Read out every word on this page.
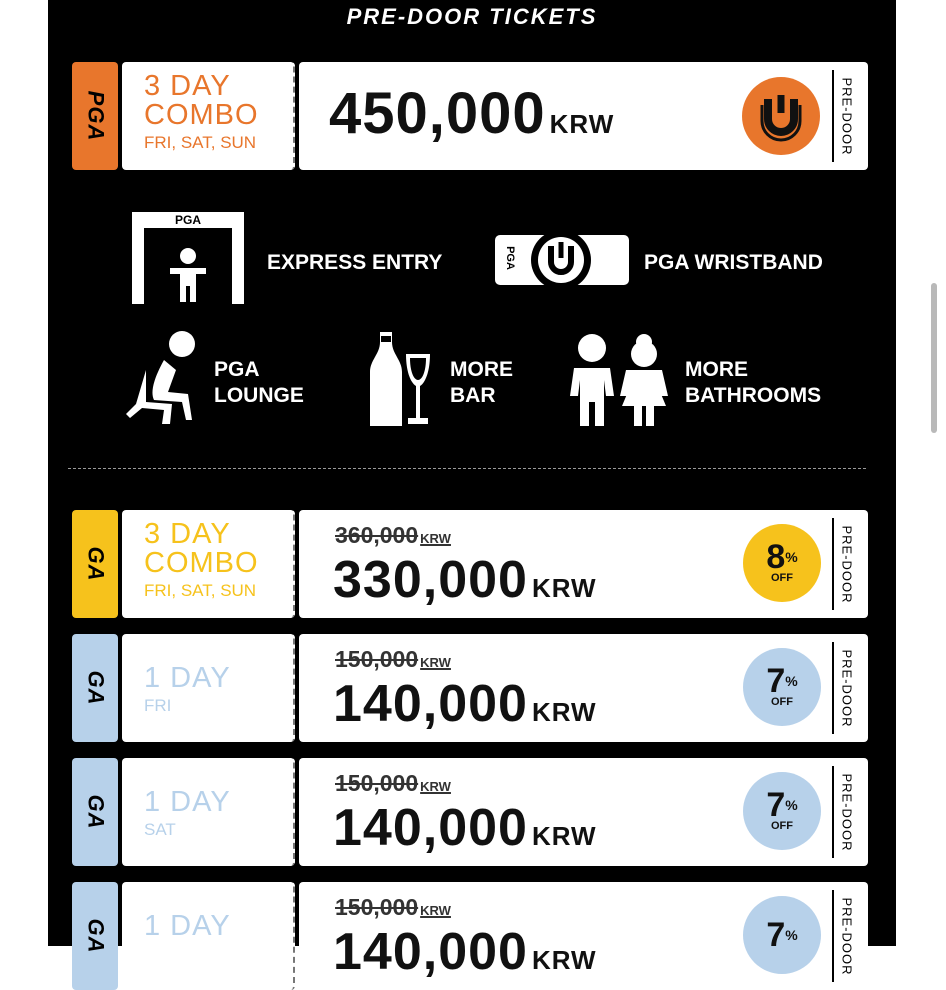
PRE-DOOR TICKETS
PGA
3 DAY
COMBO
FRI, SAT, SUN	450,000 KRW	PRE-DOOR
PGA
EXPRESS ENTRY	PGA	PGA WRISTBAND
PGA
LOUNGE
MORE
BAR
MORE
BATHROOMS
GA
3 DAY
COMBO
FRI, SAT, SUN
360,000 KRW
330,000 KRW
8%
OFF	PRE-DOOR
GA 1 DAY
FRI
150,000 KRW
140,000 KRW
7%
OFF	PRE-DOOR
GA 1 DAY
SAT
150,000 KRW
140,000 KRW
7%
OFF	PRE-DOOR
GA 1 DAY
150,000 KRW
140,000 KRW
7%	PRE-DOOR
